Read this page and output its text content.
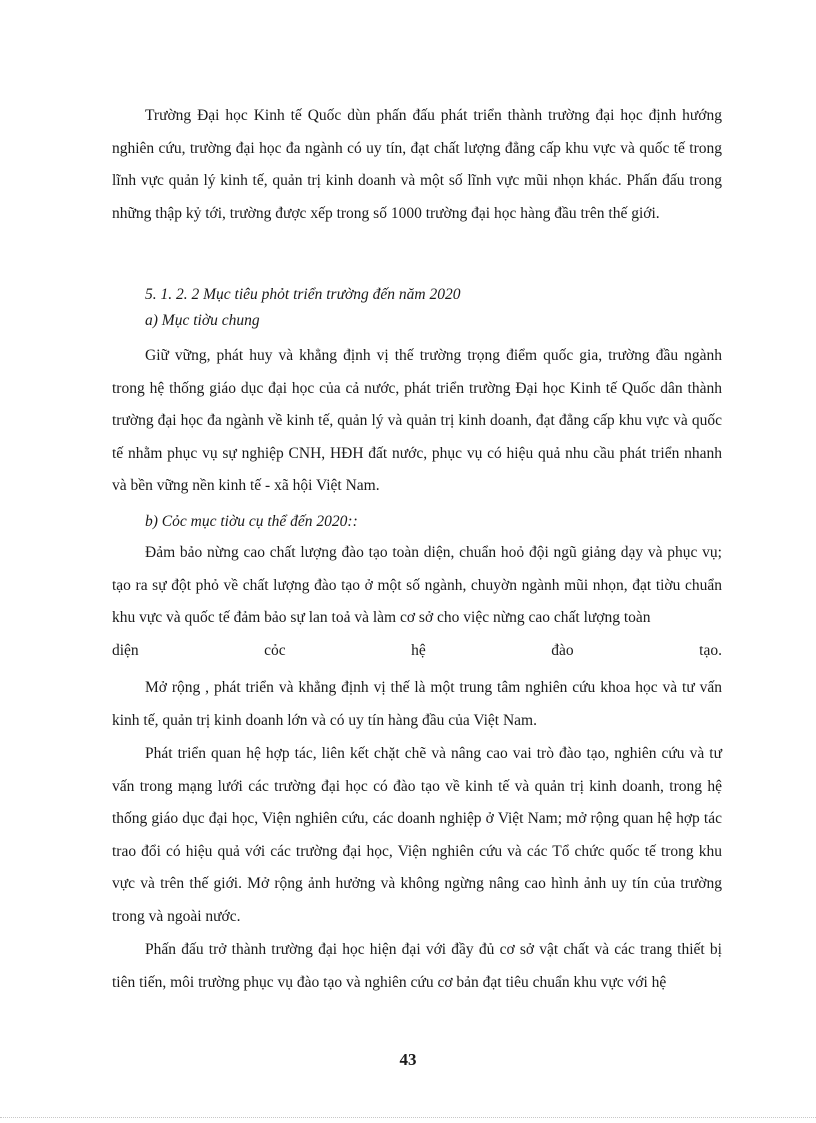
Trường Đại học Kinh tế Quốc dùn phấn đấu phát triển thành trường đại học định hướng nghiên cứu, trường đại học đa ngành có uy tín, đạt chất lượng đẳng cấp khu vực và quốc tế trong lĩnh vực quản lý kinh tế, quản trị kinh doanh và một số lĩnh vực mũi nhọn khác. Phấn đấu trong những thập kỷ tới, trường được xếp trong số 1000 trường đại học hàng đầu trên thế giới.

5. 1. 2. 2 Mục tiêu phỏt triển trường đến năm 2020

a) Mục tiờu chung

Giữ vững, phát huy và khẳng định vị thế trường trọng điểm quốc gia, trường đầu ngành trong hệ thống giáo dục đại học của cả nước, phát triển trường Đại học Kinh tế Quốc dân thành trường đại học đa ngành về kinh tế, quản lý và quản trị kinh doanh, đạt đẳng cấp khu vực và quốc tế nhằm phục vụ sự nghiệp CNH, HĐH đất nước, phục vụ có hiệu quả nhu cầu phát triển nhanh và bền vững nền kinh tế - xã hội Việt Nam.

b) Cỏc mục tiờu cụ thể đến 2020::

Đảm bảo nừng cao chất lượng đào tạo toàn diện, chuẩn hoỏ đội ngũ giảng dạy và phục vụ; tạo ra sự đột phỏ về chất lượng đào tạo ở một số ngành, chuyờn ngành mũi nhọn, đạt tiờu chuẩn khu vực và quốc tế đảm bảo sự lan toả và làm cơ sở cho việc nừng cao chất lượng toàn
diện	cỏc	hệ	đào	tạo.

Mở rộng , phát triển và khẳng định vị thế là một trung tâm nghiên cứu khoa học và tư vấn kinh tế, quản trị kinh doanh lớn và có uy tín hàng đầu của Việt Nam.

Phát triển quan hệ hợp tác, liên kết chặt chẽ và nâng cao vai trò đào tạo, nghiên cứu và tư vấn trong mạng lưới các trường đại học có đào tạo về kinh tế và quản trị kinh doanh, trong hệ thống giáo dục đại học, Viện nghiên cứu, các doanh nghiệp ở Việt Nam; mở rộng quan hệ hợp tác trao đổi có hiệu quả với các trường đại học, Viện nghiên cứu và các Tổ chức quốc tế trong khu vực và trên thế giới. Mở rộng ảnh hưởng và không ngừng nâng cao hình ảnh uy tín của trường trong và ngoài nước.

Phấn đấu trở thành trường đại học hiện đại với đầy đủ cơ sở vật chất và các trang thiết bị tiên tiến, môi trường phục vụ đào tạo và nghiên cứu cơ bản đạt tiêu chuẩn khu vực với hệ

43
